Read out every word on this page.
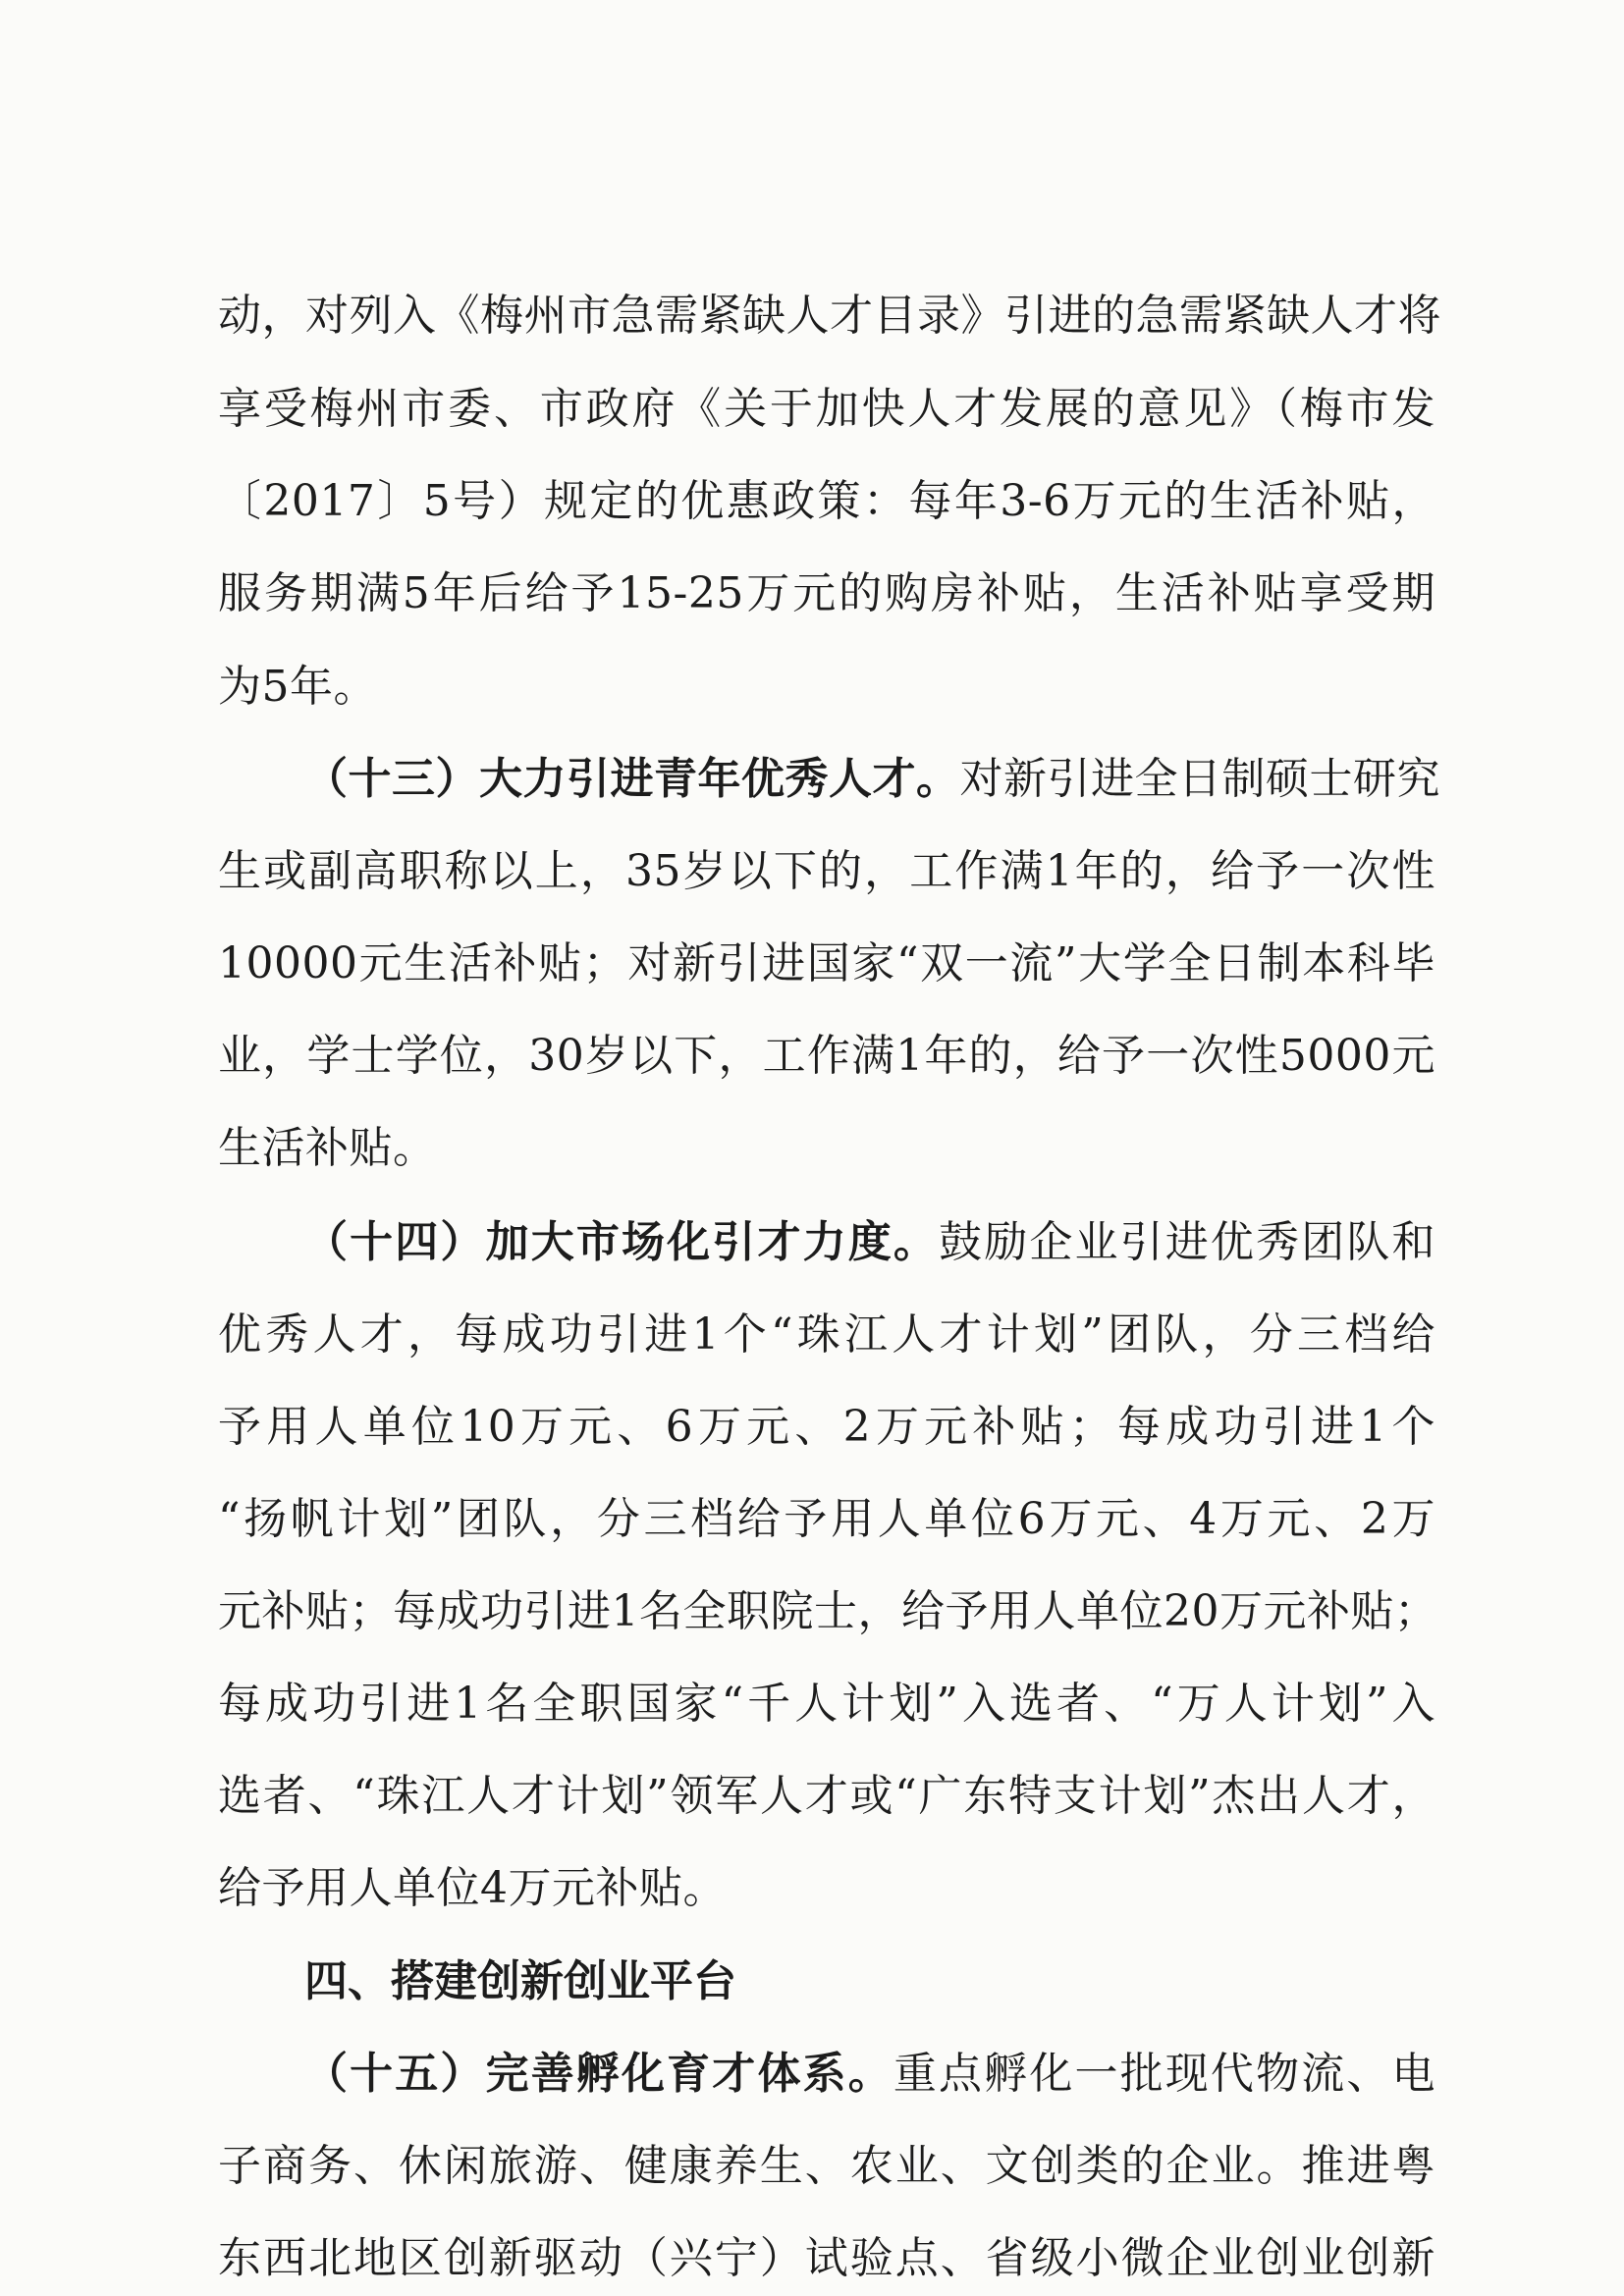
动，对列入《梅州市急需紧缺人才目录》引进的急需紧缺人才将
享受梅州市委、市政府《关于加快人才发展的意见》（梅市发
〔2017〕5号）规定的优惠政策：每年3-6万元的生活补贴，
服务期满5年后给予15-25万元的购房补贴，生活补贴享受期
为5年。
（十三）大力引进青年优秀人才。对新引进全日制硕士研究
生或副高职称以上，35岁以下的，工作满1年的，给予一次性
10000元生活补贴；对新引进国家“双一流”大学全日制本科毕
业，学士学位，30岁以下，工作满1年的，给予一次性5000元
生活补贴。
（十四）加大市场化引才力度。鼓励企业引进优秀团队和
优秀人才，每成功引进1个“珠江人才计划”团队，分三档给
予用人单位10万元、6万元、2万元补贴；每成功引进1个
“扬帆计划”团队，分三档给予用人单位6万元、4万元、2万
元补贴；每成功引进1名全职院士，给予用人单位20万元补贴；
每成功引进1名全职国家“千人计划”入选者、“万人计划”入
选者、“珠江人才计划”领军人才或“广东特支计划”杰出人才，
给予用人单位4万元补贴。
四、搭建创新创业平台
（十五）完善孵化育才体系。重点孵化一批现代物流、电
子商务、休闲旅游、健康养生、农业、文创类的企业。推进粤
东西北地区创新驱动（兴宁）试验点、省级小微企业创业创新
